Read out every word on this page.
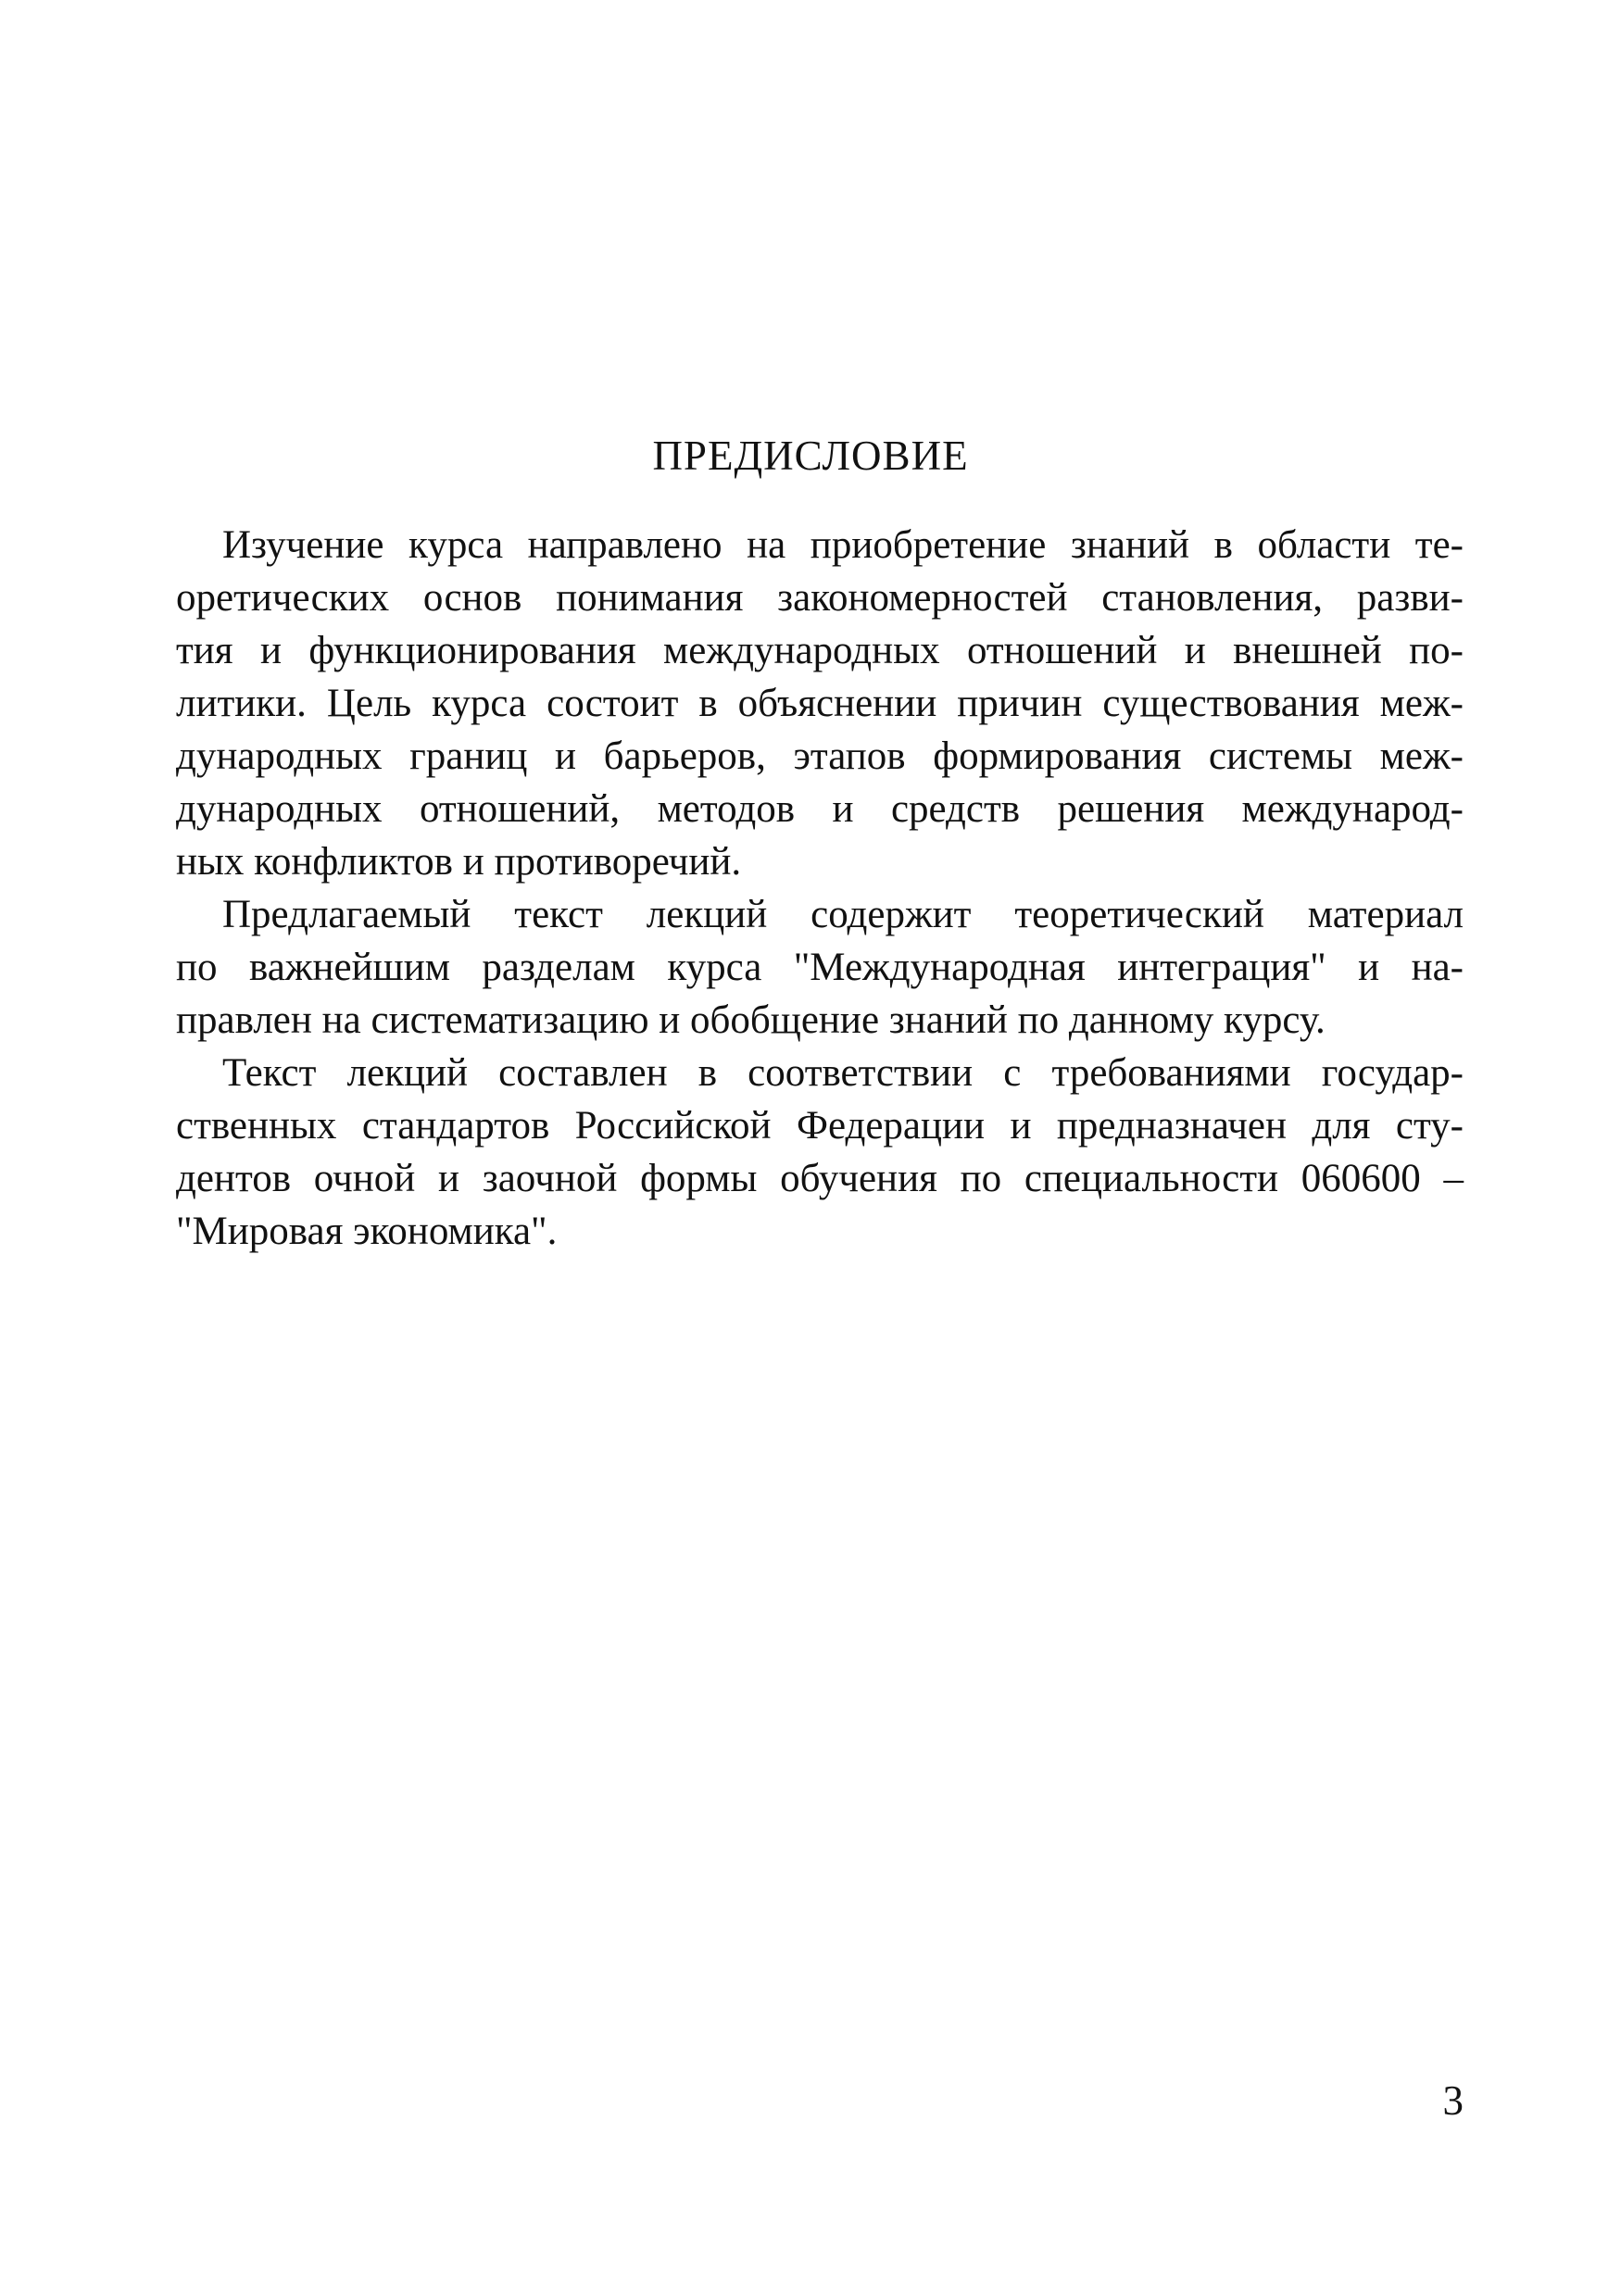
ПРЕДИСЛОВИЕ
Изучение курса направлено на приобретение знаний в области те-
оретических основ понимания закономерностей становления, разви-
тия и функционирования международных отношений и внешней по-
литики. Цель курса состоит в объяснении причин существования меж-
дународных границ и барьеров, этапов формирования системы меж-
дународных отношений, методов и средств решения международ-
ных конфликтов и противоречий.
Предлагаемый текст лекций содержит теоретический материал
по важнейшим разделам курса "Международная интеграция" и на-
правлен на систематизацию и обобщение знаний по данному курсу.
Текст лекций составлен в соответствии с требованиями государ-
ственных стандартов Российской Федерации и предназначен для сту-
дентов очной и заочной формы обучения по специальности 060600 –
"Мировая экономика".
3
